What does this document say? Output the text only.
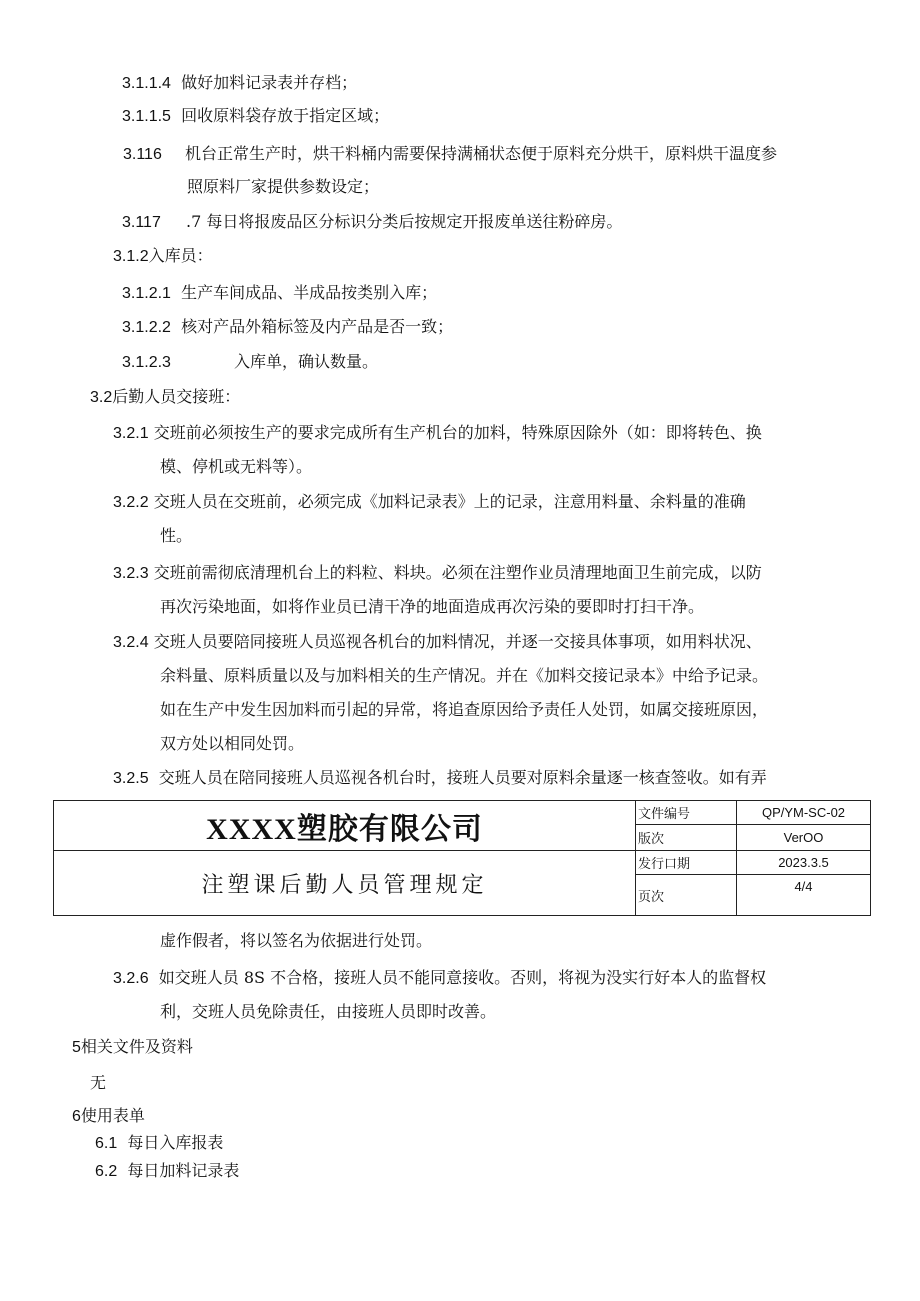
3.1.1.4 做好加料记录表并存档；
3.1.1.5 回收原料袋存放于指定区域；
3.116 机台正常生产时，烘干料桶内需要保持满桶状态便于原料充分烘干，原料烘干温度参
照原料厂家提供参数设定；
3.117 .7 每日将报废品区分标识分类后按规定开报废单送往粉碎房。
3.1.2入库员：
3.1.2.1 生产车间成品、半成品按类别入库；
3.1.2.2 核对产品外箱标签及内产品是否一致；
3.1.2.3	入库单，确认数量。
3.2后勤人员交接班：
3.2.1 交班前必须按生产的要求完成所有生产机台的加料，特殊原因除外（如：即将转色、换
模、停机或无料等）。
3.2.2 交班人员在交班前，必须完成《加料记录表》上的记录，注意用料量、余料量的准确
性。
3.2.3 交班前需彻底清理机台上的料粒、料块。必须在注塑作业员清理地面卫生前完成，以防
再次污染地面，如将作业员已清干净的地面造成再次污染的要即时打扫干净。
3.2.4 交班人员要陪同接班人员巡视各机台的加料情况，并逐一交接具体事项，如用料状况、
余料量、原料质量以及与加料相关的生产情况。并在《加料交接记录本》中给予记录。
如在生产中发生因加料而引起的异常，将追查原因给予责任人处罚，如属交接班原因，
双方处以相同处罚。
3.2.5 交班人员在陪同接班人员巡视各机台时，接班人员要对原料余量逐一核查签收。如有弄
XXXX塑胶有限公司	文件编号	QP/YM-SC-02
	版次	VerOO
注塑课后勤人员管理规定	发行口期	2023.3.5
	页次	4/4
虚作假者，将以签名为依据进行处罚。
3.2.6 如交班人员 8S 不合格，接班人员不能同意接收。否则，将视为没实行好本人的监督权
利，交班人员免除责任，由接班人员即时改善。
5相关文件及资料
无
6使用表单
6.1 每日入库报表
6.2 每日加料记录表
